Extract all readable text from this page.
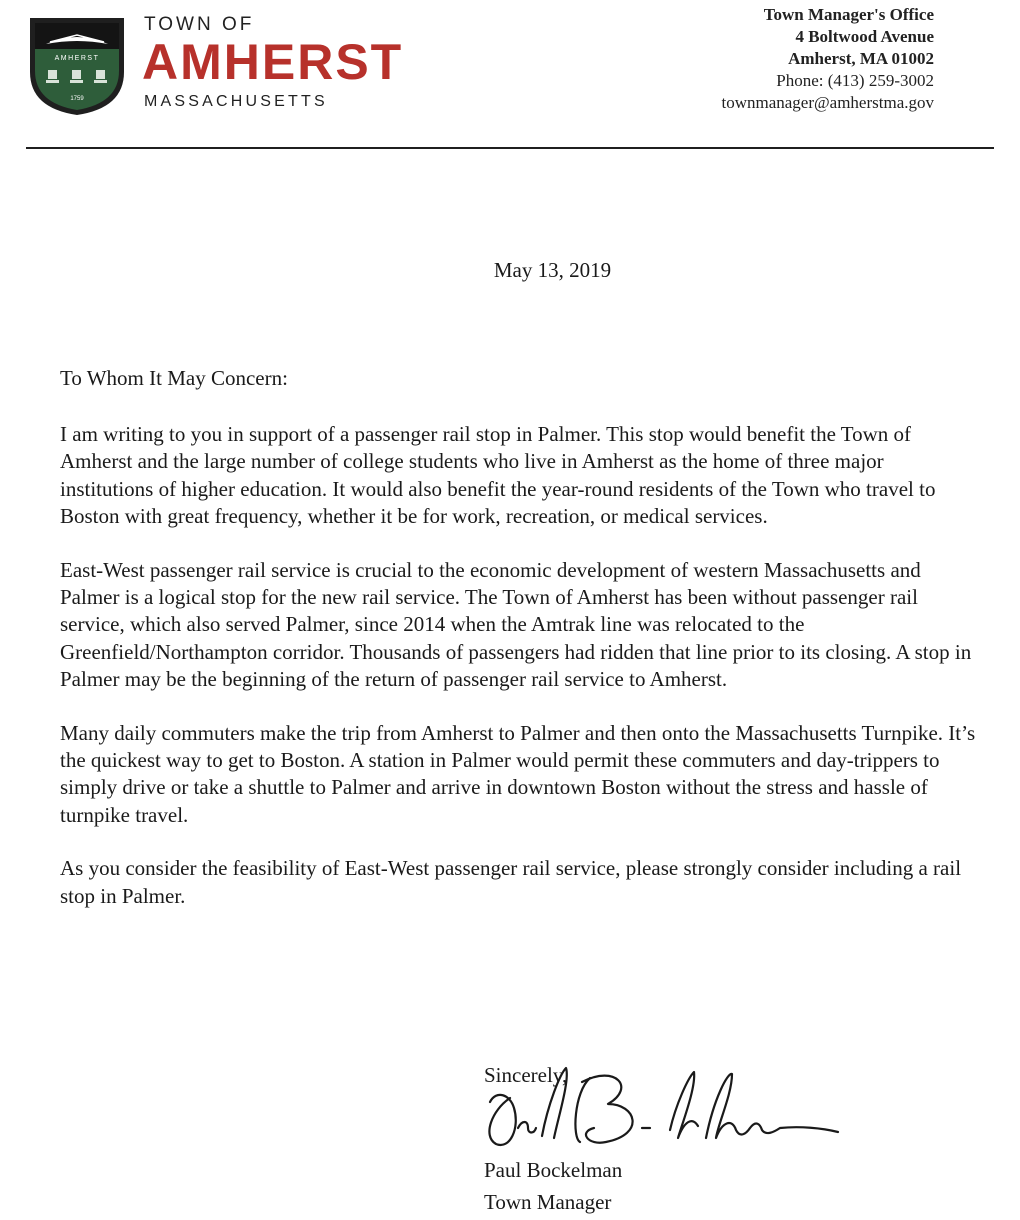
AMHERST
1759
TOWN OF
AMHERST
MASSACHUSETTS
Town Manager's Office
4 Boltwood Avenue
Amherst, MA 01002
Phone: (413) 259-3002
townmanager@amherstma.gov
May 13, 2019
To Whom It May Concern:

I am writing to you in support of a passenger rail stop in Palmer. This stop would benefit the Town of Amherst and the large number of college students who live in Amherst as the home of three major institutions of higher education. It would also benefit the year-round residents of the Town who travel to Boston with great frequency, whether it be for work, recreation, or medical services.

East-West passenger rail service is crucial to the economic development of western Massachusetts and Palmer is a logical stop for the new rail service. The Town of Amherst has been without passenger rail service, which also served Palmer, since 2014 when the Amtrak line was relocated to the Greenfield/Northampton corridor. Thousands of passengers had ridden that line prior to its closing. A stop in Palmer may be the beginning of the return of passenger rail service to Amherst.

Many daily commuters make the trip from Amherst to Palmer and then onto the Massachusetts Turnpike. It’s the quickest way to get to Boston. A station in Palmer would permit these commuters and day-trippers to simply drive or take a shuttle to Palmer and arrive in downtown Boston without the stress and hassle of turnpike travel.

As you consider the feasibility of East-West passenger rail service, please strongly consider including a rail stop in Palmer.

Sincerely,
Paul Bockelman
Town Manager
